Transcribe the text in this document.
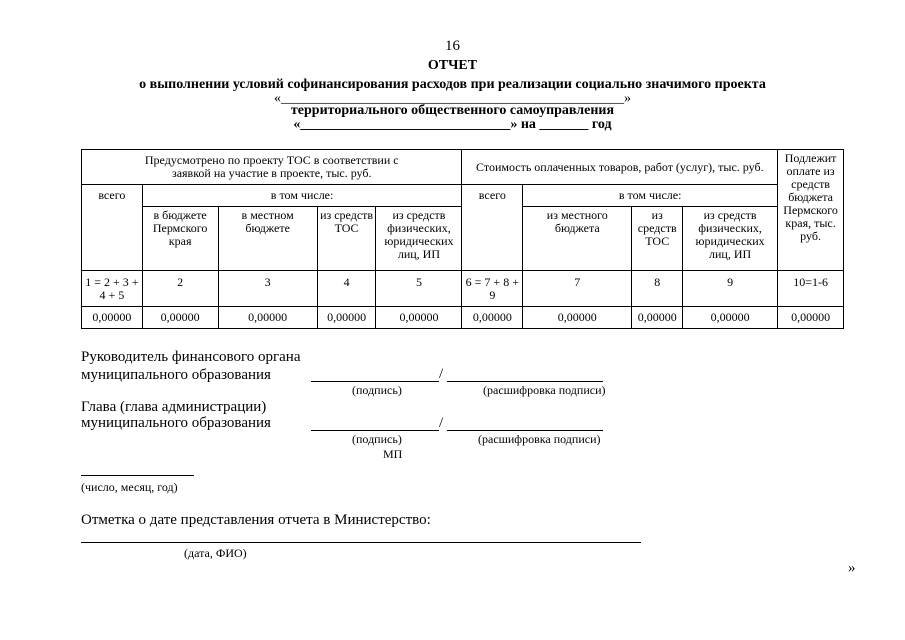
16
ОТЧЕТ
о выполнении условий софинансирования расходов при реализации социально значимого проекта
«_________________________________________________»
территориального общественного самоуправления
«______________________________» на _______ год
Предусмотрено по проекту ТОС в соответствии с заявкой на участие в проекте, тыс. руб.					Стоимость оплаченных товаров, работ (услуг), тыс. руб.				Подлежит оплате из средств бюджета Пермского края, тыс. руб.
всего	в том числе:				всего	в том числе:			
	в бюджете Пермского края	в местном бюджете	из средств ТОС	из средств физических, юридических лиц, ИП		из местного бюджета	из средств ТОС	из средств физических, юридических лиц, ИП	
1 = 2 + 3 + 4 + 5	2	3	4	5	6 = 7 + 8 + 9	7	8	9	10=1-6
0,00000	0,00000	0,00000	0,00000	0,00000	0,00000	0,00000	0,00000	0,00000	0,00000
Руководитель финансового органа
муниципального образования	/
(подпись)	(расшифровка подписи)
Глава (глава администрации)
муниципального образования	/
(подпись)	(расшифровка подписи)
МП
(число, месяц, год)
Отметка о дате представления отчета в Министерство:
(дата, ФИО)
»
